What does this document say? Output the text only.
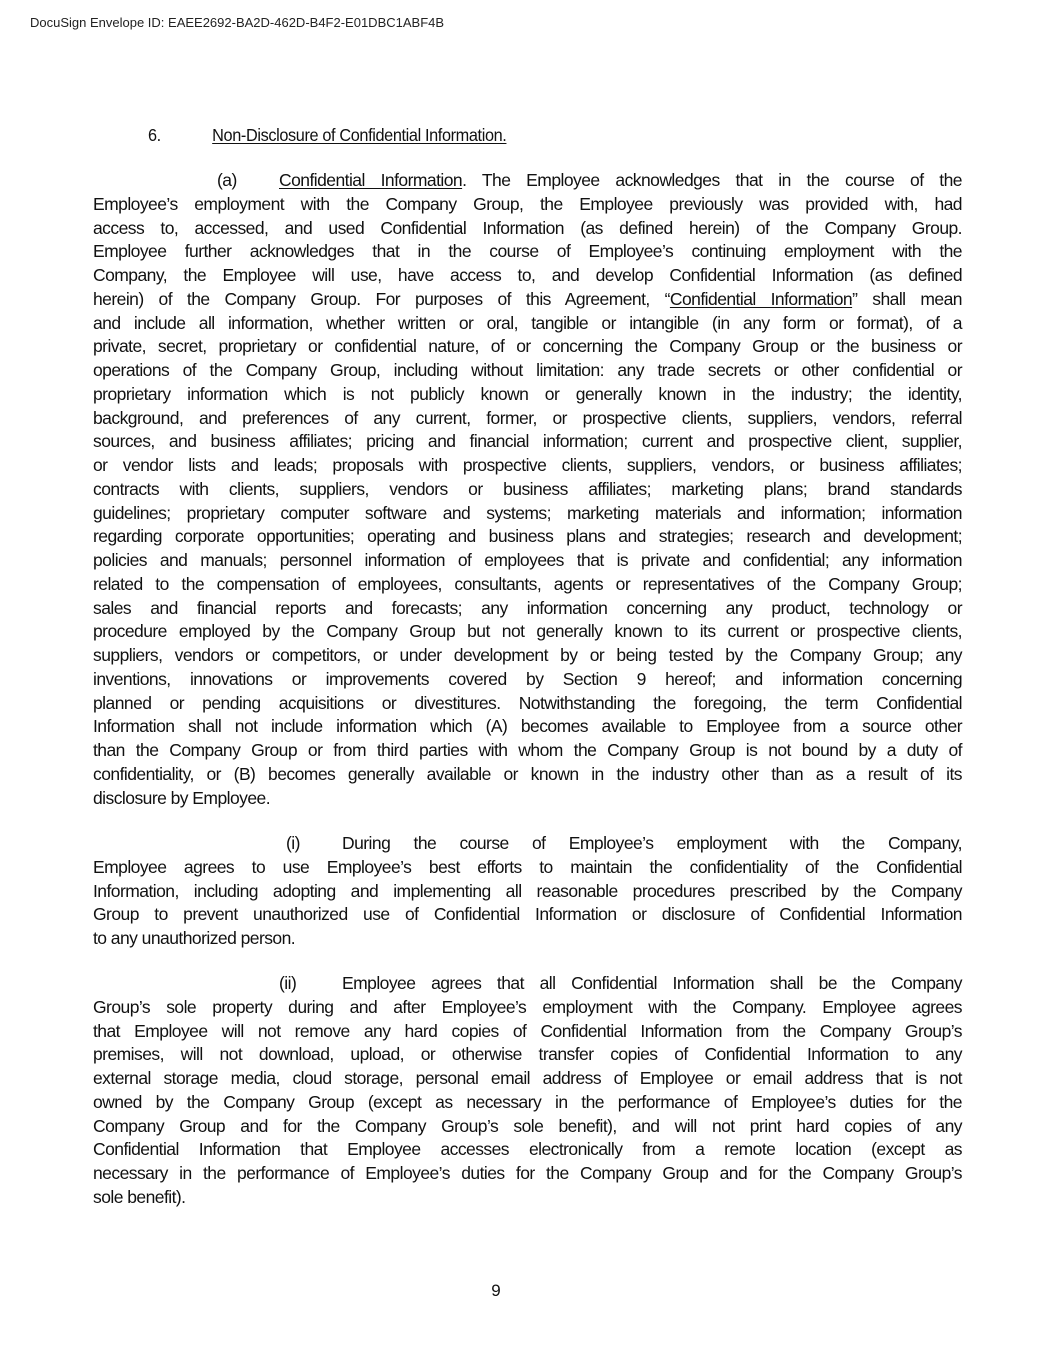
DocuSign Envelope ID: EAEE2692-BA2D-462D-B4F2-E01DBC1ABF4B
6.	Non-Disclosure of Confidential Information.
(a) Confidential Information. The Employee acknowledges that in the course of the
Employee’s employment with the Company Group, the Employee previously was provided with, had
access to, accessed, and used Confidential Information (as defined herein) of the Company Group.
Employee further acknowledges that in the course of Employee’s continuing employment with the
Company, the Employee will use, have access to, and develop Confidential Information (as defined
herein) of the Company Group. For purposes of this Agreement, “Confidential Information” shall mean
and include all information, whether written or oral, tangible or intangible (in any form or format), of a
private, secret, proprietary or confidential nature, of or concerning the Company Group or the business or
operations of the Company Group, including without limitation: any trade secrets or other confidential or
proprietary information which is not publicly known or generally known in the industry; the identity,
background, and preferences of any current, former, or prospective clients, suppliers, vendors, referral
sources, and business affiliates; pricing and financial information; current and prospective client, supplier,
or vendor lists and leads; proposals with prospective clients, suppliers, vendors, or business affiliates;
contracts with clients, suppliers, vendors or business affiliates; marketing plans; brand standards
guidelines; proprietary computer software and systems; marketing materials and information; information
regarding corporate opportunities; operating and business plans and strategies; research and development;
policies and manuals; personnel information of employees that is private and confidential; any information
related to the compensation of employees, consultants, agents or representatives of the Company Group;
sales and financial reports and forecasts; any information concerning any product, technology or
procedure employed by the Company Group but not generally known to its current or prospective clients,
suppliers, vendors or competitors, or under development by or being tested by the Company Group; any
inventions, innovations or improvements covered by Section 9 hereof; and information concerning
planned or pending acquisitions or divestitures. Notwithstanding the foregoing, the term Confidential
Information shall not include information which (A) becomes available to Employee from a source other
than the Company Group or from third parties with whom the Company Group is not bound by a duty of
confidentiality, or (B) becomes generally available or known in the industry other than as a result of its
disclosure by Employee.
(i) During the course of Employee’s employment with the Company,
Employee agrees to use Employee’s best efforts to maintain the confidentiality of the Confidential
Information, including adopting and implementing all reasonable procedures prescribed by the Company
Group to prevent unauthorized use of Confidential Information or disclosure of Confidential Information
to any unauthorized person.
(ii)	Employee agrees that all Confidential Information shall be the Company
Group’s sole property during and after Employee’s employment with the Company. Employee agrees
that Employee will not remove any hard copies of Confidential Information from the Company Group’s
premises, will not download, upload, or otherwise transfer copies of Confidential Information to any
external storage media, cloud storage, personal email address of Employee or email address that is not
owned by the Company Group (except as necessary in the performance of Employee’s duties for the
Company Group and for the Company Group’s sole benefit), and will not print hard copies of any
Confidential Information that Employee accesses electronically from a remote location (except as
necessary in the performance of Employee’s duties for the Company Group and for the Company Group’s
sole benefit).
9
